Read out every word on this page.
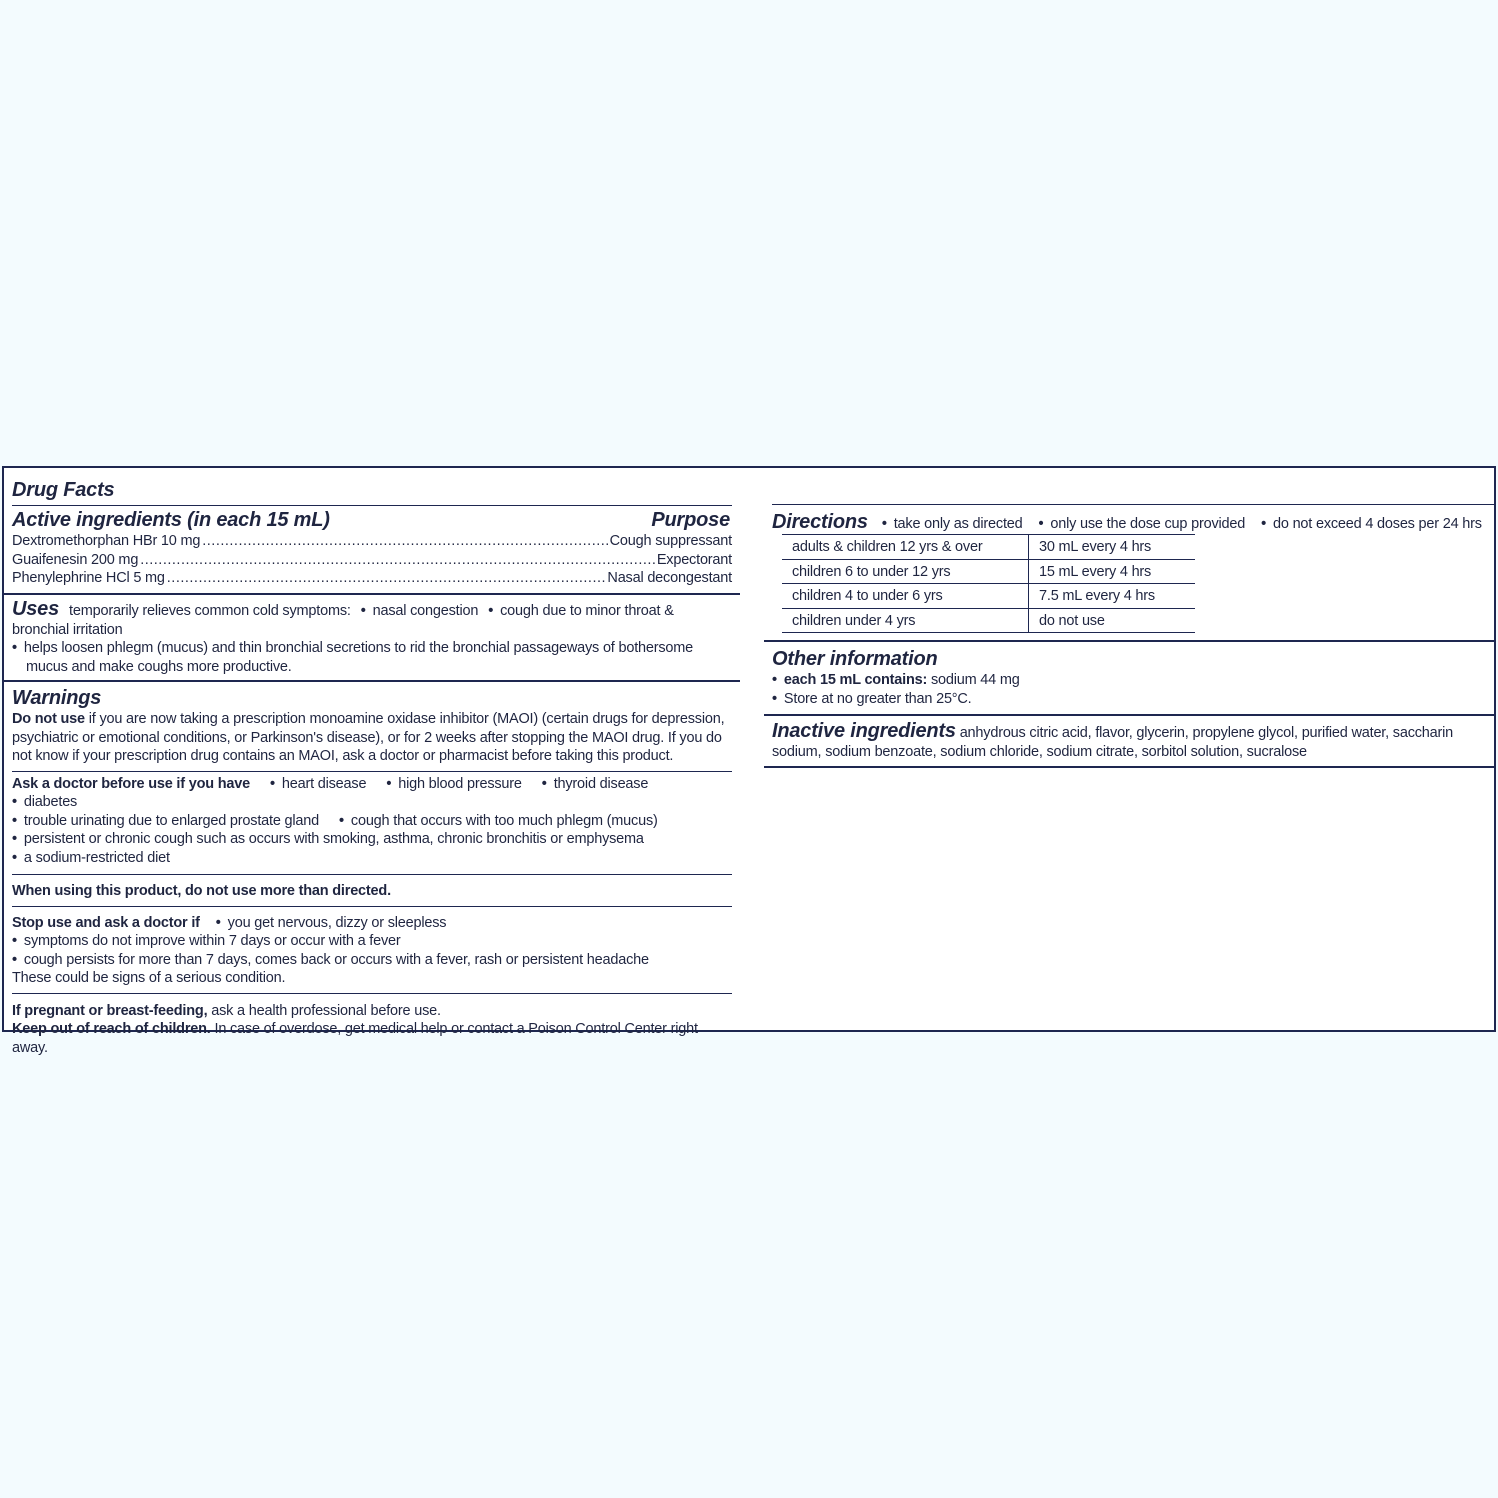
Drug Facts
Active ingredients (in each 15 mL)	Purpose
Dextromethorphan HBr 10 mg .....	Cough suppressant
Guaifenesin 200 mg .....	Expectorant
Phenylephrine HCl 5 mg .....	Nasal decongestant
Uses temporarily relieves common cold symptoms: • nasal congestion • cough due to minor throat & bronchial irritation
• helps loosen phlegm (mucus) and thin bronchial secretions to rid the bronchial passageways of bothersome mucus and make coughs more productive.
Warnings
Do not use if you are now taking a prescription monoamine oxidase inhibitor (MAOI) (certain drugs for depression, psychiatric or emotional conditions, or Parkinson's disease), or for 2 weeks after stopping the MAOI drug. If you do not know if your prescription drug contains an MAOI, ask a doctor or pharmacist before taking this product.
Ask a doctor before use if you have • heart disease • high blood pressure • thyroid disease• diabetes
• trouble urinating due to enlarged prostate gland • cough that occurs with too much phlegm (mucus)
• persistent or chronic cough such as occurs with smoking, asthma, chronic bronchitis or emphysema
• a sodium-restricted diet
When using this product, do not use more than directed.
Stop use and ask a doctor if • you get nervous, dizzy or sleepless
• symptoms do not improve within 7 days or occur with a fever
• cough persists for more than 7 days, comes back or occurs with a fever, rash or persistent headache
These could be signs of a serious condition.
If pregnant or breast-feeding, ask a health professional before use.
Keep out of reach of children. In case of overdose, get medical help or contact a Poison Control Center right away.
Directions • take only as directed • only use the dose cup provided • do not exceed 4 doses per 24 hrs
adults & children 12 yrs & over	30 mL every 4 hrs
children 6 to under 12 yrs	15 mL every 4 hrs
children 4 to under 6 yrs	7.5 mL every 4 hrs
children under 4 yrs	do not use
Other information
• each 15 mL contains: sodium 44 mg
• Store at no greater than 25°C.
Inactive ingredients anhydrous citric acid, flavor, glycerin, propylene glycol, purified water, saccharin sodium, sodium benzoate, sodium chloride, sodium citrate, sorbitol solution, sucralose
